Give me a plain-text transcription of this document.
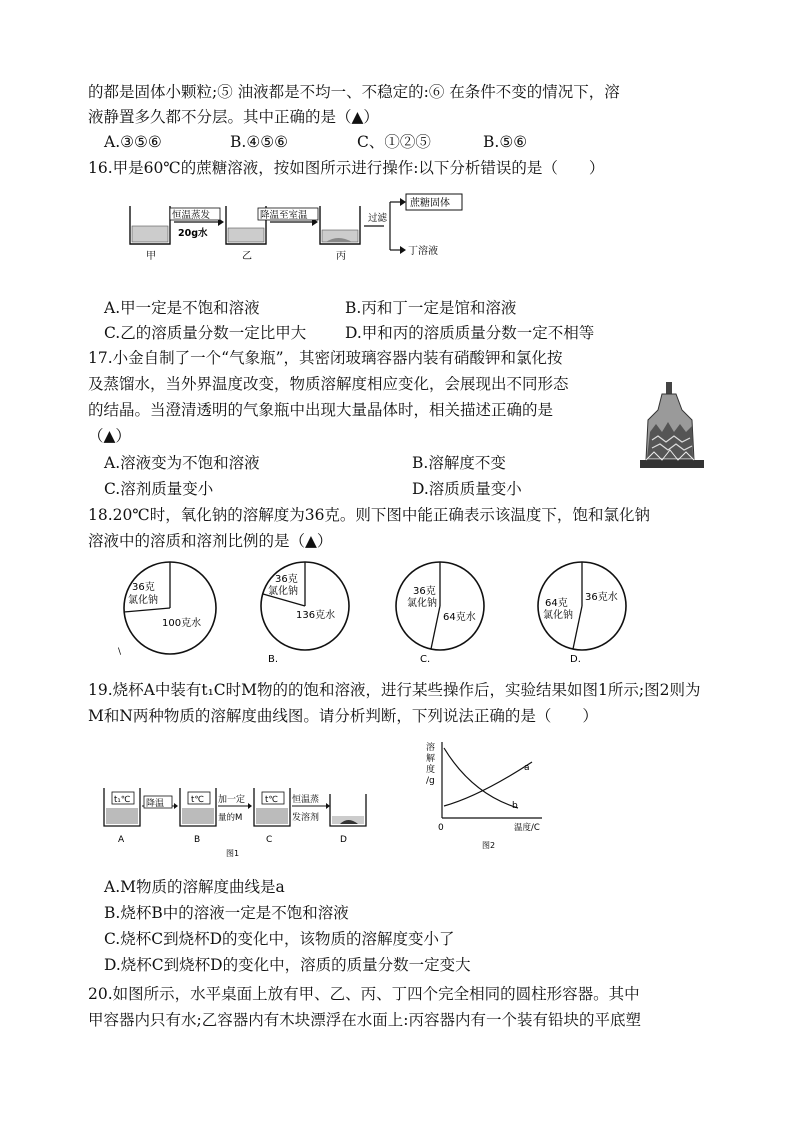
的都是固体小颗粒;⑤ 油液都是不均一、不稳定的:⑥ 在条件不变的情况下，溶
液静置多久都不分层。其中正确的是（▲）
A.③⑤⑥	B.④⑤⑥	C、①②⑤	B.⑤⑥
16.甲是60℃的蔗糖溶液，按如图所示进行操作:以下分析错误的是（　　）
甲
恒温蒸发
20g水
乙
降温至室温
丙
过滤
蔗糖固体
丁溶液
A.甲一定是不饱和溶液	B.丙和丁一定是馆和溶液
C.乙的溶质量分数一定比甲大	D.甲和丙的溶质质量分数一定不相等
17.小金自制了一个“气象瓶”，其密闭玻璃容器内装有硝酸钾和氯化按
及蒸馏水，当外界温度改变，物质溶解度相应变化，会展现出不同形态
的结晶。当澄清透明的气象瓶中出现大量晶体时，相关描述正确的是
（▲）
A.溶液变为不饱和溶液	B.溶解度不变
C.溶剂质量变小	D.溶质质量变小
18.20℃时，氧化钠的溶解度为36克。则下图中能正确表示该温度下，饱和氯化钠
溶液中的溶质和溶剂比例的是（▲）
36克
氯化钠
100克水
\
36克
氯化钠
136克水
B.
36克
氯化钠
64克水
C.
64克
氯化钠
36克水
D.
19.烧杯A中装有t₁C时M物的的饱和溶液，进行某些操作后，实验结果如图1所示;图2则为
M和N两种物质的溶解度曲线图。请分析判断，下列说法正确的是（　　）
t₁℃
A
降温	t℃
B
加一定
量的M
t℃
C
恒温蒸
发溶剂
D
图1
溶
解
度
/g
0	温度/C
a
b
图2
A.M物质的溶解度曲线是a
B.烧杯B中的溶液一定是不饱和溶液
C.烧杯C到烧杯D的变化中，该物质的溶解度变小了
D.烧杯C到烧杯D的变化中，溶质的质量分数一定变大
20.如图所示，水平桌面上放有甲、乙、丙、丁四个完全相同的圆柱形容器。其中
甲容器内只有水;乙容器内有木块漂浮在水面上:丙容器内有一个装有铅块的平底塑
